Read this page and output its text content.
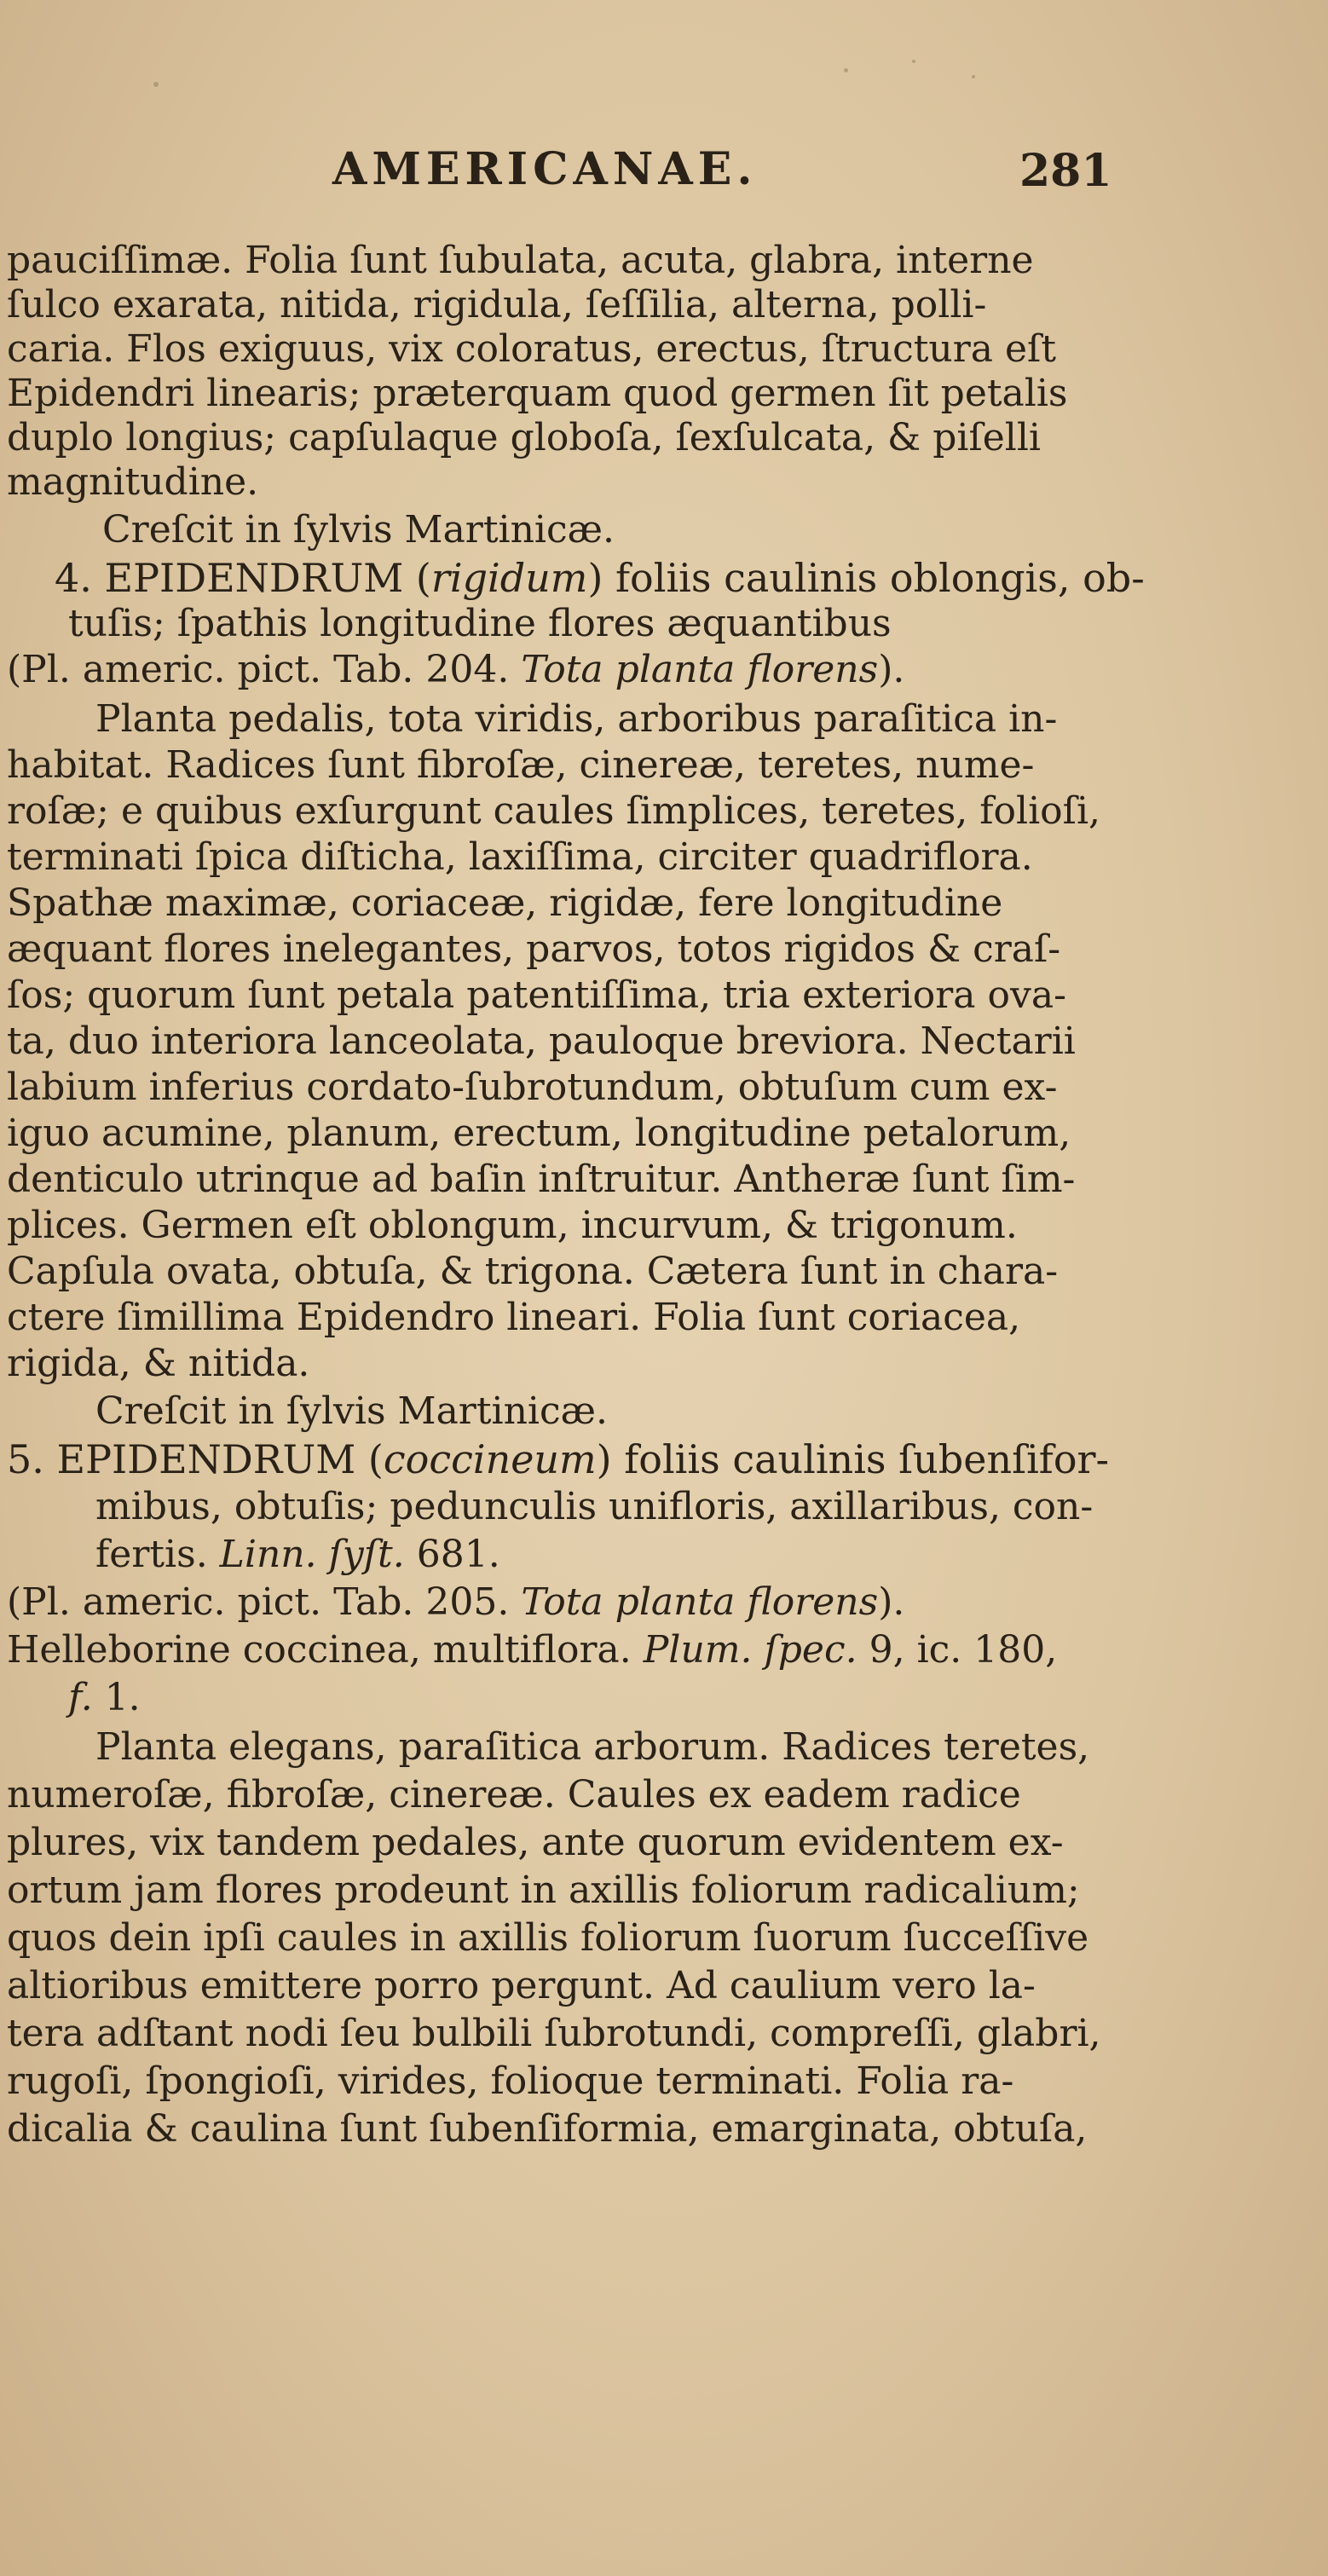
AMERICANAE.	281
pauciſſimæ. Folia ſunt ſubulata, acuta, glabra, interne
ſulco exarata, nitida, rigidula, ſeſſilia, alterna, polli-
caria. Flos exiguus, vix coloratus, erectus, ſtructura eſt
Epidendri linearis; præterquam quod germen ſit petalis
duplo longius; capſulaque globoſa, ſexſulcata, & piſelli
magnitudine.
Creſcit in ſylvis Martinicæ.
4. EPIDENDRUM (rigidum) foliis caulinis oblongis, ob-
tuſis; ſpathis longitudine flores æquantibus
(Pl. americ. pict. Tab. 204. Tota planta florens).
Planta pedalis, tota viridis, arboribus paraſitica in-
habitat. Radices ſunt fibroſæ, cinereæ, teretes, nume-
roſæ; e quibus exſurgunt caules ſimplices, teretes, folioſi,
terminati ſpica diſticha, laxiſſima, circiter quadriflora.
Spathæ maximæ, coriaceæ, rigidæ, fere longitudine
æquant flores inelegantes, parvos, totos rigidos & craſ-
ſos; quorum ſunt petala patentiſſima, tria exteriora ova-
ta, duo interiora lanceolata, pauloque breviora. Nectarii
labium inferius cordato-ſubrotundum, obtuſum cum ex-
iguo acumine, planum, erectum, longitudine petalorum,
denticulo utrinque ad baſin inſtruitur. Antheræ ſunt ſim-
plices. Germen eſt oblongum, incurvum, & trigonum.
Capſula ovata, obtuſa, & trigona. Cætera ſunt in chara-
ctere ſimillima Epidendro lineari. Folia ſunt coriacea,
rigida, & nitida.
Creſcit in ſylvis Martinicæ.
5. EPIDENDRUM (coccineum) foliis caulinis ſubenſifor-
mibus, obtuſis; pedunculis unifloris, axillaribus, con-
fertis. Linn. ſyſt. 681.
(Pl. americ. pict. Tab. 205. Tota planta florens).
Helleborine coccinea, multiflora. Plum. ſpec. 9, ic. 180,
f. 1.
Planta elegans, paraſitica arborum. Radices teretes,
numeroſæ, fibroſæ, cinereæ. Caules ex eadem radice
plures, vix tandem pedales, ante quorum evidentem ex-
ortum jam flores prodeunt in axillis foliorum radicalium;
quos dein ipſi caules in axillis foliorum ſuorum ſucceſſive
altioribus emittere porro pergunt. Ad caulium vero la-
tera adſtant nodi ſeu bulbili ſubrotundi, compreſſi, glabri,
rugoſi, ſpongioſi, virides, folioque terminati. Folia ra-
dicalia & caulina ſunt ſubenſiformia, emarginata, obtuſa,
